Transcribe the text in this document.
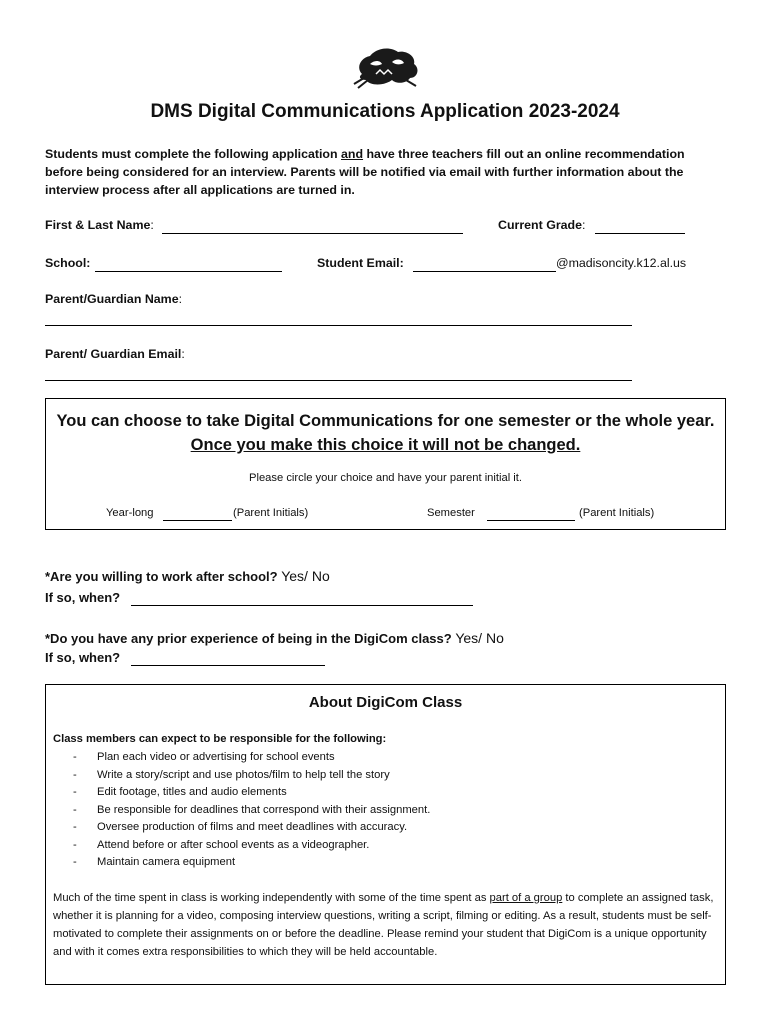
DMS Digital Communications Application 2023-2024
Students must complete the following application and have three teachers fill out an online recommendation before being considered for an interview. Parents will be notified via email with further information about the interview process after all applications are turned in.
First & Last Name:	Current Grade:
School:	Student Email:	@madisoncity.k12.al.us
Parent/Guardian Name:
Parent/ Guardian Email:
You can choose to take Digital Communications for one semester or the whole year.
Once you make this choice it will not be changed.
Please circle your choice and have your parent initial it.
Year-long	(Parent Initials)	Semester	(Parent Initials)
*Are you willing to work after school? Yes/ No
If so, when?
*Do you have any prior experience of being in the DigiCom class? Yes/ No
If so, when?
About DigiCom Class
Class members can expect to be responsible for the following:
- Plan each video or advertising for school events
- Write a story/script and use photos/film to help tell the story
- Edit footage, titles and audio elements
- Be responsible for deadlines that correspond with their assignment.
- Oversee production of films and meet deadlines with accuracy.
- Attend before or after school events as a videographer.
- Maintain camera equipment
Much of the time spent in class is working independently with some of the time spent as part of a group to complete an assigned task, whether it is planning for a video, composing interview questions, writing a script, filming or editing. As a result, students must be self-motivated to complete their assignments on or before the deadline. Please remind your student that DigiCom is a unique opportunity and with it comes extra responsibilities to which they will be held accountable.
